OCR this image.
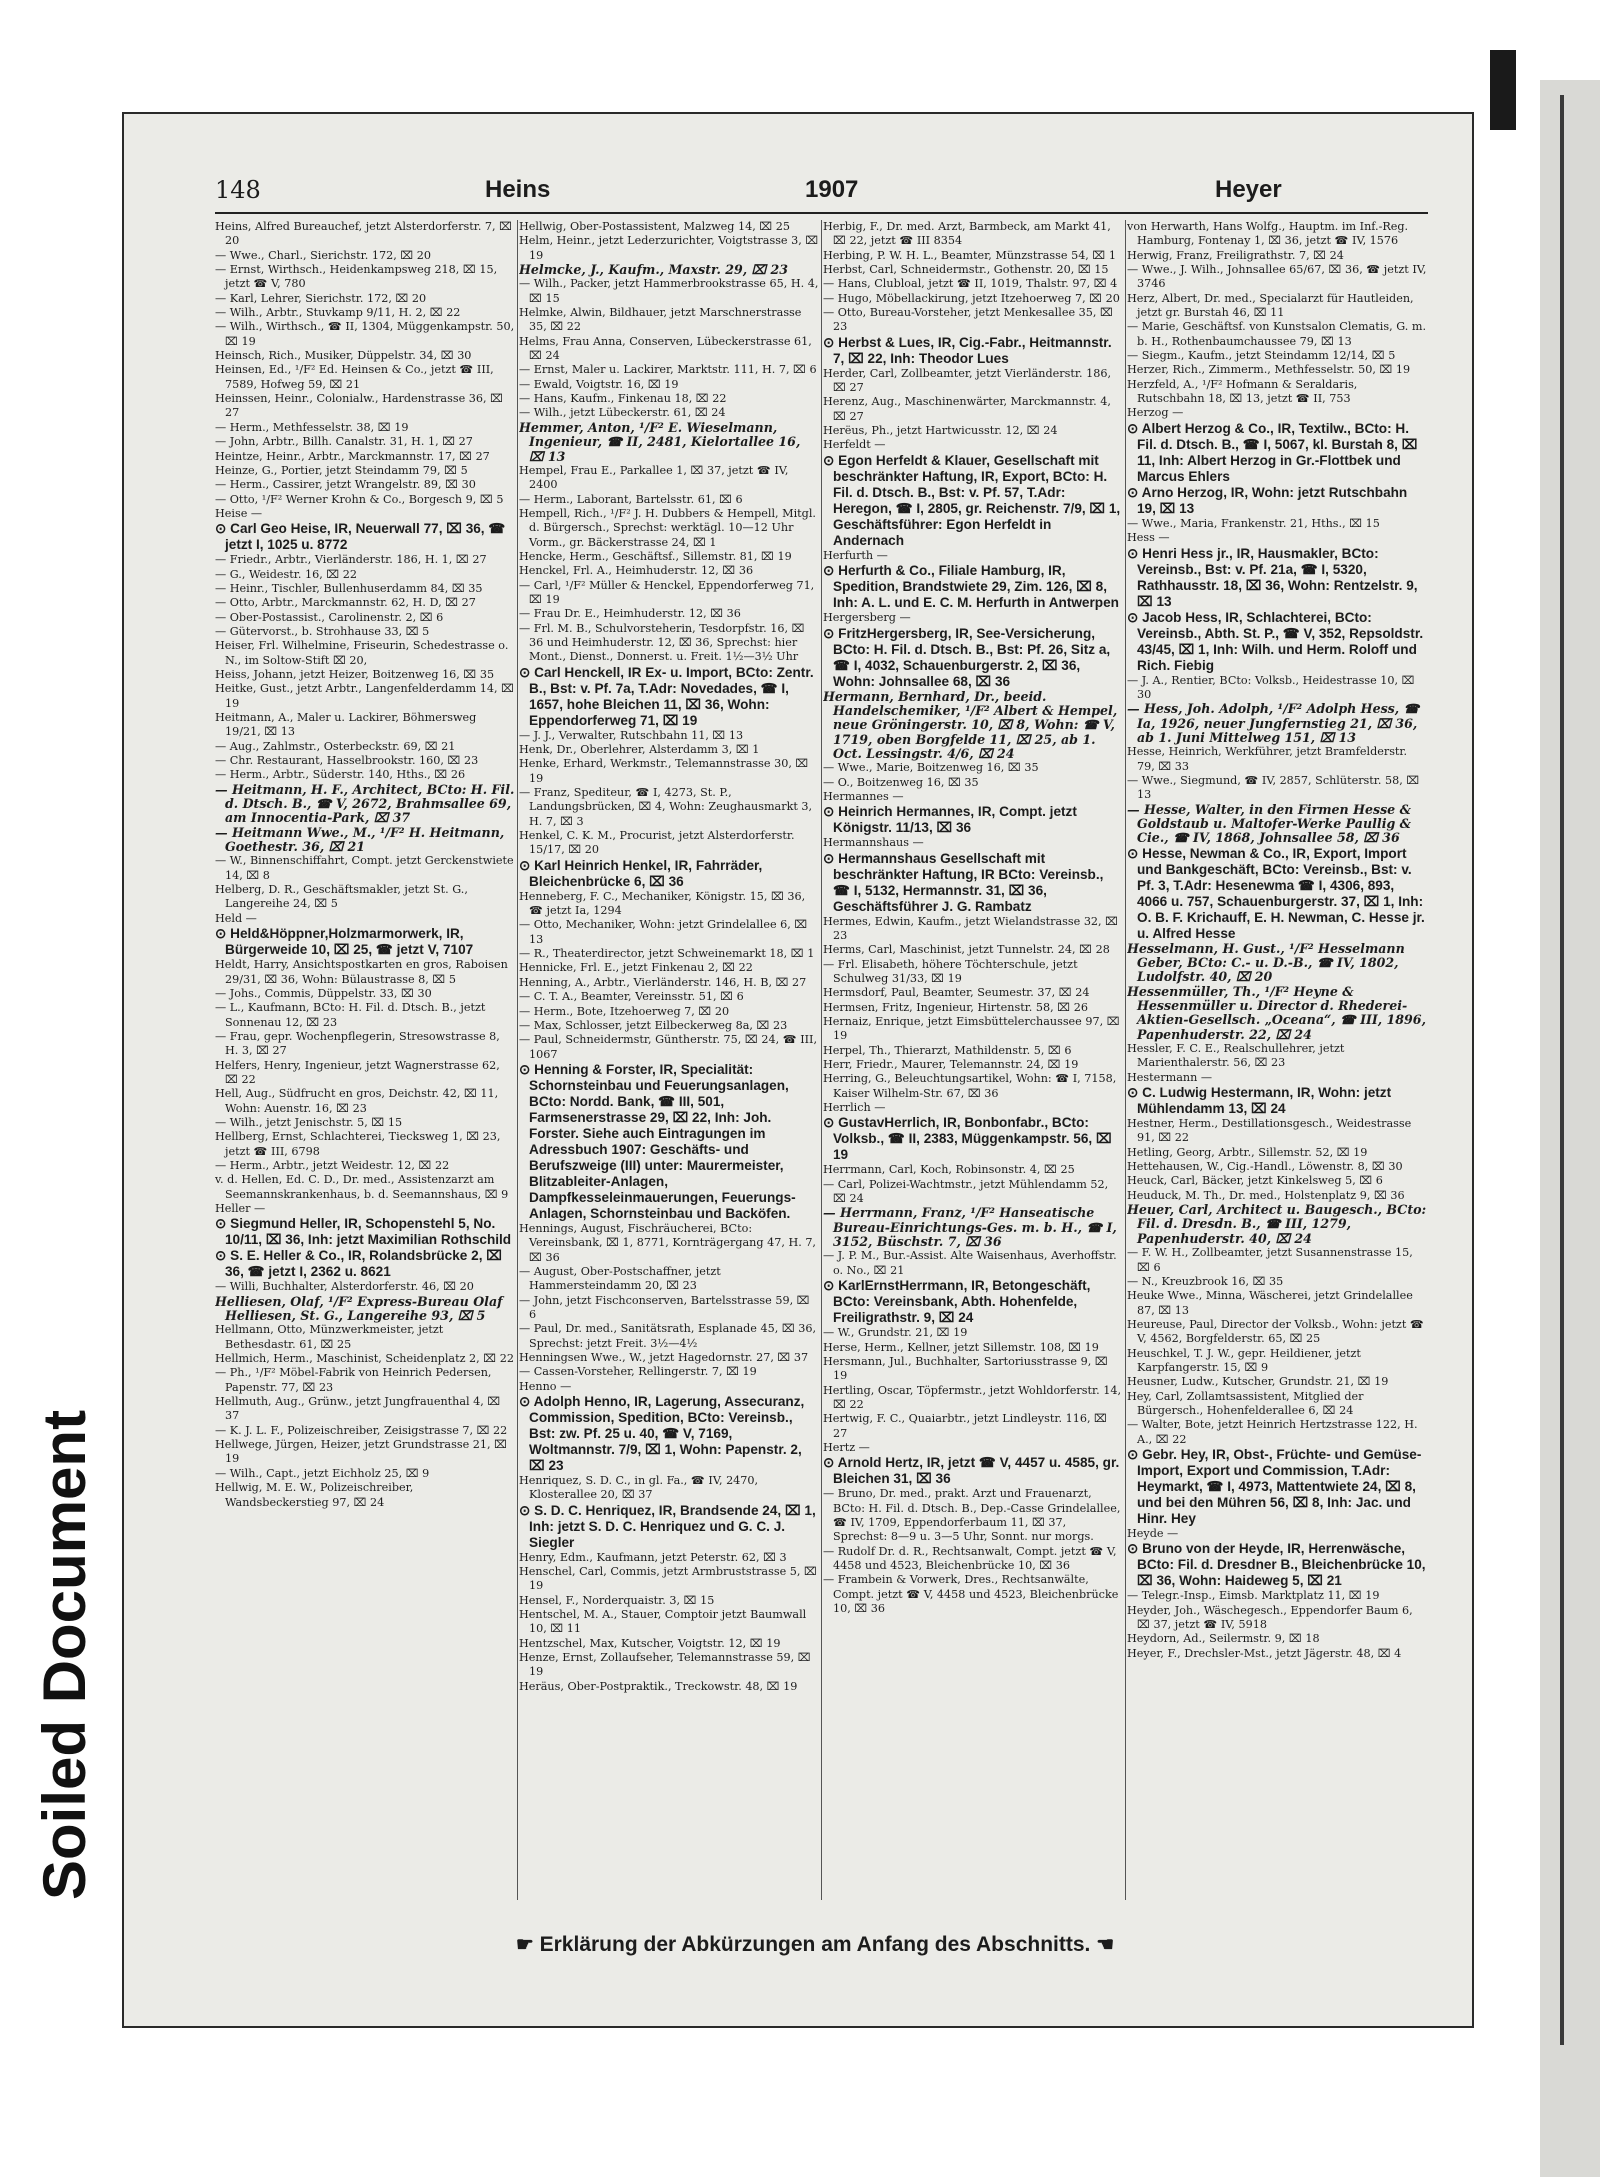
Soiled Document
148	Heins	1907	Heyer
Heins, Alfred Bureauchef, jetzt Alsterdorferstr. 7, ⌧ 20
— Wwe., Charl., Sierichstr. 172, ⌧ 20
— Ernst, Wirthsch., Heidenkampsweg 218, ⌧ 15, jetzt ☎ V, 780
— Karl, Lehrer, Sierichstr. 172, ⌧ 20
— Wilh., Arbtr., Stuvkamp 9/11, H. 2, ⌧ 22
— Wilh., Wirthsch., ☎ II, 1304, Müggenkampstr. 50, ⌧ 19
Heinsch, Rich., Musiker, Düppelstr. 34, ⌧ 30
Heinsen, Ed., ¹/F² Ed. Heinsen & Co., jetzt ☎ III, 7589, Hofweg 59, ⌧ 21
Heinssen, Heinr., Colonialw., Hardenstrasse 36, ⌧ 27
— Herm., Methfesselstr. 38, ⌧ 19
— John, Arbtr., Billh. Canalstr. 31, H. 1, ⌧ 27
Heintze, Heinr., Arbtr., Marckmannstr. 17, ⌧ 27
Heinze, G., Portier, jetzt Steindamm 79, ⌧ 5
— Herm., Cassirer, jetzt Wrangelstr. 89, ⌧ 30
— Otto, ¹/F² Werner Krohn & Co., Borgesch 9, ⌧ 5
Heise —
⊙ Carl Geo Heise, IR, Neuerwall 77, ⌧ 36, ☎ jetzt I, 1025 u. 8772
— Friedr., Arbtr., Vierländerstr. 186, H. 1, ⌧ 27
— G., Weidestr. 16, ⌧ 22
— Heinr., Tischler, Bullenhuserdamm 84, ⌧ 35
— Otto, Arbtr., Marckmannstr. 62, H. D, ⌧ 27
— Ober-Postassist., Carolinenstr. 2, ⌧ 6
— Gütervorst., b. Strohhause 33, ⌧ 5
Heiser, Frl. Wilhelmine, Friseurin, Schedestrasse o. N., im Soltow-Stift ⌧ 20,
Heiss, Johann, jetzt Heizer, Boitzenweg 16, ⌧ 35
Heitke, Gust., jetzt Arbtr., Langenfelderdamm 14, ⌧ 19
Heitmann, A., Maler u. Lackirer, Böhmersweg 19/21, ⌧ 13
— Aug., Zahlmstr., Osterbeckstr. 69, ⌧ 21
— Chr. Restaurant, Hasselbrookstr. 160, ⌧ 23
— Herm., Arbtr., Süderstr. 140, Hths., ⌧ 26
— Heitmann, H. F., Architect, BCto: H. Fil. d. Dtsch. B., ☎ V, 2672, Brahmsallee 69, am Innocentia-Park, ⌧ 37
— Heitmann Wwe., M., ¹/F² H. Heitmann, Goethestr. 36, ⌧ 21
— W., Binnenschiffahrt, Compt. jetzt Gerckenstwiete 14, ⌧ 8
Helberg, D. R., Geschäftsmakler, jetzt St. G., Langereihe 24, ⌧ 5
Held —
⊙ Held&Höppner,Holzmarmorwerk, IR, Bürgerweide 10, ⌧ 25, ☎ jetzt V, 7107
Heldt, Harry, Ansichtspostkarten en gros, Raboisen 29/31, ⌧ 36, Wohn: Bülaustrasse 8, ⌧ 5
— Johs., Commis, Düppelstr. 33, ⌧ 30
— L., Kaufmann, BCto: H. Fil. d. Dtsch. B., jetzt Sonnenau 12, ⌧ 23
— Frau, gepr. Wochenpflegerin, Stresowstrasse 8, H. 3, ⌧ 27
Helfers, Henry, Ingenieur, jetzt Wagnerstrasse 62, ⌧ 22
Hell, Aug., Südfrucht en gros, Deichstr. 42, ⌧ 11, Wohn: Auenstr. 16, ⌧ 23
— Wilh., jetzt Jenischstr. 5, ⌧ 15
Hellberg, Ernst, Schlachterei, Tiecksweg 1, ⌧ 23, jetzt ☎ III, 6798
— Herm., Arbtr., jetzt Weidestr. 12, ⌧ 22
v. d. Hellen, Ed. C. D., Dr. med., Assistenzarzt am Seemannskrankenhaus, b. d. Seemannshaus, ⌧ 9
Heller —
⊙ Siegmund Heller, IR, Schopenstehl 5, No. 10/11, ⌧ 36, Inh: jetzt Maximilian Rothschild
⊙ S. E. Heller & Co., IR, Rolandsbrücke 2, ⌧ 36, ☎ jetzt I, 2362 u. 8621
— Willi, Buchhalter, Alsterdorferstr. 46, ⌧ 20
Helliesen, Olaf, ¹/F² Express-Bureau Olaf Helliesen, St. G., Langereihe 93, ⌧ 5
Hellmann, Otto, Münzwerkmeister, jetzt Bethesdastr. 61, ⌧ 25
Hellmich, Herm., Maschinist, Scheidenplatz 2, ⌧ 22
— Ph., ¹/F² Möbel-Fabrik von Heinrich Pedersen, Papenstr. 77, ⌧ 23
Hellmuth, Aug., Grünw., jetzt Jungfrauenthal 4, ⌧ 37
— K. J. L. F., Polizeischreiber, Zeisigstrasse 7, ⌧ 22
Hellwege, Jürgen, Heizer, jetzt Grundstrasse 21, ⌧ 19
— Wilh., Capt., jetzt Eichholz 25, ⌧ 9
Hellwig, M. E. W., Polizeischreiber, Wandsbeckerstieg 97, ⌧ 24
Hellwig, Ober-Postassistent, Malzweg 14, ⌧ 25
Helm, Heinr., jetzt Lederzurichter, Voigtstrasse 3, ⌧ 19
Helmcke, J., Kaufm., Maxstr. 29, ⌧ 23
— Wilh., Packer, jetzt Hammerbrookstrasse 65, H. 4, ⌧ 15
Helmke, Alwin, Bildhauer, jetzt Marschnerstrasse 35, ⌧ 22
Helms, Frau Anna, Conserven, Lübeckerstrasse 61, ⌧ 24
— Ernst, Maler u. Lackirer, Marktstr. 111, H. 7, ⌧ 6
— Ewald, Voigtstr. 16, ⌧ 19
— Hans, Kaufm., Finkenau 18, ⌧ 22
— Wilh., jetzt Lübeckerstr. 61, ⌧ 24
Hemmer, Anton, ¹/F² E. Wieselmann, Ingenieur, ☎ II, 2481, Kielortallee 16, ⌧ 13
Hempel, Frau E., Parkallee 1, ⌧ 37, jetzt ☎ IV, 2400
— Herm., Laborant, Bartelsstr. 61, ⌧ 6
Hempell, Rich., ¹/F² J. H. Dubbers & Hempell, Mitgl. d. Bürgersch., Sprechst: werktägl. 10—12 Uhr Vorm., gr. Bäckerstrasse 24, ⌧ 1
Hencke, Herm., Geschäftsf., Sillemstr. 81, ⌧ 19
Henckel, Frl. A., Heimhuderstr. 12, ⌧ 36
— Carl, ¹/F² Müller & Henckel, Eppendorferweg 71, ⌧ 19
— Frau Dr. E., Heimhuderstr. 12, ⌧ 36
— Frl. M. B., Schulvorsteherin, Tesdorpfstr. 16, ⌧ 36 und Heimhuderstr. 12, ⌧ 36, Sprechst: hier Mont., Dienst., Donnerst. u. Freit. 1½—3½ Uhr
⊙ Carl Henckell, IR Ex- u. Import, BCto: Zentr. B., Bst: v. Pf. 7a, T.Adr: Novedades, ☎ I, 1657, hohe Bleichen 11, ⌧ 36, Wohn: Eppendorferweg 71, ⌧ 19
— J. J., Verwalter, Rutschbahn 11, ⌧ 13
Henk, Dr., Oberlehrer, Alsterdamm 3, ⌧ 1
Henke, Erhard, Werkmstr., Telemannstrasse 30, ⌧ 19
— Franz, Spediteur, ☎ I, 4273, St. P., Landungsbrücken, ⌧ 4, Wohn: Zeughausmarkt 3, H. 7, ⌧ 3
Henkel, C. K. M., Procurist, jetzt Alsterdorferstr. 15/17, ⌧ 20
⊙ Karl Heinrich Henkel, IR, Fahrräder, Bleichenbrücke 6, ⌧ 36
Henneberg, F. C., Mechaniker, Königstr. 15, ⌧ 36, ☎ jetzt Ia, 1294
— Otto, Mechaniker, Wohn: jetzt Grindelallee 6, ⌧ 13
— R., Theaterdirector, jetzt Schweinemarkt 18, ⌧ 1
Hennicke, Frl. E., jetzt Finkenau 2, ⌧ 22
Henning, A., Arbtr., Vierländerstr. 146, H. B, ⌧ 27
— C. T. A., Beamter, Vereinsstr. 51, ⌧ 6
— Herm., Bote, Itzehoerweg 7, ⌧ 20
— Max, Schlosser, jetzt Eilbeckerweg 8a, ⌧ 23
— Paul, Schneidermstr, Güntherstr. 75, ⌧ 24, ☎ III, 1067
⊙ Henning & Forster, IR, Specialität: Schornsteinbau und Feuerungsanlagen, BCto: Nordd. Bank, ☎ III, 501, Farmsenerstrasse 29, ⌧ 22, Inh: Joh. Forster. Siehe auch Eintragungen im Adressbuch 1907: Geschäfts- und Berufszweige (III) unter: Maurermeister, Blitzableiter-Anlagen, Dampfkesseleinmauerungen, Feuerungs-Anlagen, Schornsteinbau und Backöfen.
Hennings, August, Fischräucherei, BCto: Vereinsbank, ⌧ 1, 8771, Kornträgergang 47, H. 7, ⌧ 36
— August, Ober-Postschaffner, jetzt Hammersteindamm 20, ⌧ 23
— John, jetzt Fischconserven, Bartelsstrasse 59, ⌧ 6
— Paul, Dr. med., Sanitätsrath, Esplanade 45, ⌧ 36, Sprechst: jetzt Freit. 3½—4½
Henningsen Wwe., W., jetzt Hagedornstr. 27, ⌧ 37
— Cassen-Vorsteher, Rellingerstr. 7, ⌧ 19
Henno —
⊙ Adolph Henno, IR, Lagerung, Assecuranz, Commission, Spedition, BCto: Vereinsb., Bst: zw. Pf. 25 u. 40, ☎ V, 7169, Woltmannstr. 7/9, ⌧ 1, Wohn: Papenstr. 2, ⌧ 23
Henriquez, S. D. C., in gl. Fa., ☎ IV, 2470, Klosterallee 20, ⌧ 37
⊙ S. D. C. Henriquez, IR, Brandsende 24, ⌧ 1, Inh: jetzt S. D. C. Henriquez und G. C. J. Siegler
Henry, Edm., Kaufmann, jetzt Peterstr. 62, ⌧ 3
Henschel, Carl, Commis, jetzt Armbruststrasse 5, ⌧ 19
Hensel, F., Norderquaistr. 3, ⌧ 15
Hentschel, M. A., Stauer, Comptoir jetzt Baumwall 10, ⌧ 11
Hentzschel, Max, Kutscher, Voigtstr. 12, ⌧ 19
Henze, Ernst, Zollaufseher, Telemannstrasse 59, ⌧ 19
Heräus, Ober-Postpraktik., Treckowstr. 48, ⌧ 19
Herbig, F., Dr. med. Arzt, Barmbeck, am Markt 41, ⌧ 22, jetzt ☎ III 8354
Herbing, P. W. H. L., Beamter, Münzstrasse 54, ⌧ 1
Herbst, Carl, Schneidermstr., Gothenstr. 20, ⌧ 15
— Hans, Clubloal, jetzt ☎ II, 1019, Thalstr. 97, ⌧ 4
— Hugo, Möbellackirung, jetzt Itzehoerweg 7, ⌧ 20
— Otto, Bureau-Vorsteher, jetzt Menkesallee 35, ⌧ 23
⊙ Herbst & Lues, IR, Cig.-Fabr., Heitmannstr. 7, ⌧ 22, Inh: Theodor Lues
Herder, Carl, Zollbeamter, jetzt Vierländerstr. 186, ⌧ 27
Herenz, Aug., Maschinenwärter, Marckmannstr. 4, ⌧ 27
Herëus, Ph., jetzt Hartwicusstr. 12, ⌧ 24
Herfeldt —
⊙ Egon Herfeldt & Klauer, Gesellschaft mit beschränkter Haftung, IR, Export, BCto: H. Fil. d. Dtsch. B., Bst: v. Pf. 57, T.Adr: Heregon, ☎ I, 2805, gr. Reichenstr. 7/9, ⌧ 1, Geschäftsführer: Egon Herfeldt in Andernach
Herfurth —
⊙ Herfurth & Co., Filiale Hamburg, IR, Spedition, Brandstwiete 29, Zim. 126, ⌧ 8, Inh: A. L. und E. C. M. Herfurth in Antwerpen
Hergersberg —
⊙ FritzHergersberg, IR, See-Versicherung, BCto: H. Fil. d. Dtsch. B., Bst: Pf. 26, Sitz a, ☎ I, 4032, Schauenburgerstr. 2, ⌧ 36, Wohn: Johnsallee 68, ⌧ 36
Hermann, Bernhard, Dr., beeid. Handelschemiker, ¹/F² Albert & Hempel, neue Gröningerstr. 10, ⌧ 8, Wohn: ☎ V, 1719, oben Borgfelde 11, ⌧ 25, ab 1. Oct. Lessingstr. 4/6, ⌧ 24
— Wwe., Marie, Boitzenweg 16, ⌧ 35
— O., Boitzenweg 16, ⌧ 35
Hermannes —
⊙ Heinrich Hermannes, IR, Compt. jetzt Königstr. 11/13, ⌧ 36
Hermannshaus —
⊙ Hermannshaus Gesellschaft mit beschränkter Haftung, IR BCto: Vereinsb., ☎ I, 5132, Hermannstr. 31, ⌧ 36, Geschäftsführer J. G. Rambatz
Hermes, Edwin, Kaufm., jetzt Wielandstrasse 32, ⌧ 23
Herms, Carl, Maschinist, jetzt Tunnelstr. 24, ⌧ 28
— Frl. Elisabeth, höhere Töchterschule, jetzt Schulweg 31/33, ⌧ 19
Hermsdorf, Paul, Beamter, Seumestr. 37, ⌧ 24
Hermsen, Fritz, Ingenieur, Hirtenstr. 58, ⌧ 26
Hernaiz, Enrique, jetzt Eimsbüttelerchaussee 97, ⌧ 19
Herpel, Th., Thierarzt, Mathildenstr. 5, ⌧ 6
Herr, Friedr., Maurer, Telemannstr. 24, ⌧ 19
Herring, G., Beleuchtungsartikel, Wohn: ☎ I, 7158, Kaiser Wilhelm-Str. 67, ⌧ 36
Herrlich —
⊙ GustavHerrlich, IR, Bonbonfabr., BCto: Volksb., ☎ II, 2383, Müggenkampstr. 56, ⌧ 19
Herrmann, Carl, Koch, Robinsonstr. 4, ⌧ 25
— Carl, Polizei-Wachtmstr., jetzt Mühlendamm 52, ⌧ 24
— Herrmann, Franz, ¹/F² Hanseatische Bureau-Einrichtungs-Ges. m. b. H., ☎ I, 3152, Büschstr. 7, ⌧ 36
— J. P. M., Bur.-Assist. Alte Waisenhaus, Averhoffstr. o. No., ⌧ 21
⊙ KarlErnstHerrmann, IR, Betongeschäft, BCto: Vereinsbank, Abth. Hohenfelde, Freiligrathstr. 9, ⌧ 24
— W., Grundstr. 21, ⌧ 19
Herse, Herm., Kellner, jetzt Sillemstr. 108, ⌧ 19
Hersmann, Jul., Buchhalter, Sartoriusstrasse 9, ⌧ 19
Hertling, Oscar, Töpfermstr., jetzt Wohldorferstr. 14, ⌧ 22
Hertwig, F. C., Quaiarbtr., jetzt Lindleystr. 116, ⌧ 27
Hertz —
⊙ Arnold Hertz, IR, jetzt ☎ V, 4457 u. 4585, gr. Bleichen 31, ⌧ 36
— Bruno, Dr. med., prakt. Arzt und Frauenarzt, BCto: H. Fil. d. Dtsch. B., Dep.-Casse Grindelallee, ☎ IV, 1709, Eppendorferbaum 11, ⌧ 37, Sprechst: 8—9 u. 3—5 Uhr, Sonnt. nur morgs.
— Rudolf Dr. d. R., Rechtsanwalt, Compt. jetzt ☎ V, 4458 und 4523, Bleichenbrücke 10, ⌧ 36
— Frambein & Vorwerk, Dres., Rechtsanwälte, Compt. jetzt ☎ V, 4458 und 4523, Bleichenbrücke 10, ⌧ 36
von Herwarth, Hans Wolfg., Hauptm. im Inf.-Reg. Hamburg, Fontenay 1, ⌧ 36, jetzt ☎ IV, 1576
Herwig, Franz, Freiligrathstr. 7, ⌧ 24
— Wwe., J. Wilh., Johnsallee 65/67, ⌧ 36, ☎ jetzt IV, 3746
Herz, Albert, Dr. med., Specialarzt für Hautleiden, jetzt gr. Burstah 46, ⌧ 11
— Marie, Geschäftsf. von Kunstsalon Clematis, G. m. b. H., Rothenbaumchaussee 79, ⌧ 13
— Siegm., Kaufm., jetzt Steindamm 12/14, ⌧ 5
Herzer, Rich., Zimmerm., Methfesselstr. 50, ⌧ 19
Herzfeld, A., ¹/F² Hofmann & Seraldaris, Rutschbahn 18, ⌧ 13, jetzt ☎ II, 753
Herzog —
⊙ Albert Herzog & Co., IR, Textilw., BCto: H. Fil. d. Dtsch. B., ☎ I, 5067, kl. Burstah 8, ⌧ 11, Inh: Albert Herzog in Gr.-Flottbek und Marcus Ehlers
⊙ Arno Herzog, IR, Wohn: jetzt Rutschbahn 19, ⌧ 13
— Wwe., Maria, Frankenstr. 21, Hths., ⌧ 15
Hess —
⊙ Henri Hess jr., IR, Hausmakler, BCto: Vereinsb., Bst: v. Pf. 21a, ☎ I, 5320, Rathhausstr. 18, ⌧ 36, Wohn: Rentzelstr. 9, ⌧ 13
⊙ Jacob Hess, IR, Schlachterei, BCto: Vereinsb., Abth. St. P., ☎ V, 352, Repsoldstr. 43/45, ⌧ 1, Inh: Wilh. und Herm. Roloff und Rich. Fiebig
— J. A., Rentier, BCto: Volksb., Heidestrasse 10, ⌧ 30
— Hess, Joh. Adolph, ¹/F² Adolph Hess, ☎ Ia, 1926, neuer Jungfernstieg 21, ⌧ 36, ab 1. Juni Mittelweg 151, ⌧ 13
Hesse, Heinrich, Werkführer, jetzt Bramfelderstr. 79, ⌧ 33
— Wwe., Siegmund, ☎ IV, 2857, Schlüterstr. 58, ⌧ 13
— Hesse, Walter, in den Firmen Hesse & Goldstaub u. Maltofer-Werke Paullig & Cie., ☎ IV, 1868, Johnsallee 58, ⌧ 36
⊙ Hesse, Newman & Co., IR, Export, Import und Bankgeschäft, BCto: Vereinsb., Bst: v. Pf. 3, T.Adr: Hesenewma ☎ I, 4306, 893, 4066 u. 757, Schauenburgerstr. 37, ⌧ 1, Inh: O. B. F. Krichauff, E. H. Newman, C. Hesse jr. u. Alfred Hesse
Hesselmann, H. Gust., ¹/F² Hesselmann Geber, BCto: C.- u. D.-B., ☎ IV, 1802, Ludolfstr. 40, ⌧ 20
Hessenmüller, Th., ¹/F² Heyne & Hessenmüller u. Director d. Rhederei-Aktien-Gesellsch. „Oceana“, ☎ III, 1896, Papenhuderstr. 22, ⌧ 24
Hessler, F. C. E., Realschullehrer, jetzt Marienthalerstr. 56, ⌧ 23
Hestermann —
⊙ C. Ludwig Hestermann, IR, Wohn: jetzt Mühlendamm 13, ⌧ 24
Hestner, Herm., Destillationsgesch., Weidestrasse 91, ⌧ 22
Hetling, Georg, Arbtr., Sillemstr. 52, ⌧ 19
Hettehausen, W., Cig.-Handl., Löwenstr. 8, ⌧ 30
Heuck, Carl, Bäcker, jetzt Kinkelsweg 5, ⌧ 6
Heuduck, M. Th., Dr. med., Holstenplatz 9, ⌧ 36
Heuer, Carl, Architect u. Baugesch., BCto: Fil. d. Dresdn. B., ☎ III, 1279, Papenhuderstr. 40, ⌧ 24
— F. W. H., Zollbeamter, jetzt Susannenstrasse 15, ⌧ 6
— N., Kreuzbrook 16, ⌧ 35
Heuke Wwe., Minna, Wäscherei, jetzt Grindelallee 87, ⌧ 13
Heureuse, Paul, Director der Volksb., Wohn: jetzt ☎ V, 4562, Borgfelderstr. 65, ⌧ 25
Heuschkel, T. J. W., gepr. Heildiener, jetzt Karpfangerstr. 15, ⌧ 9
Heusner, Ludw., Kutscher, Grundstr. 21, ⌧ 19
Hey, Carl, Zollamtsassistent, Mitglied der Bürgersch., Hohenfelderallee 6, ⌧ 24
— Walter, Bote, jetzt Heinrich Hertzstrasse 122, H. A., ⌧ 22
⊙ Gebr. Hey, IR, Obst-, Früchte- und Gemüse-Import, Export und Commission, T.Adr: Heymarkt, ☎ I, 4973, Mattentwiete 24, ⌧ 8, und bei den Mühren 56, ⌧ 8, Inh: Jac. und Hinr. Hey
Heyde —
⊙ Bruno von der Heyde, IR, Herrenwäsche, BCto: Fil. d. Dresdner B., Bleichenbrücke 10, ⌧ 36, Wohn: Haideweg 5, ⌧ 21
— Telegr.-Insp., Eimsb. Marktplatz 11, ⌧ 19
Heyder, Joh., Wäschegesch., Eppendorfer Baum 6, ⌧ 37, jetzt ☎ IV, 5918
Heydorn, Ad., Seilermstr. 9, ⌧ 18
Heyer, F., Drechsler-Mst., jetzt Jägerstr. 48, ⌧ 4
☛ Erklärung der Abkürzungen am Anfang des Abschnitts. ☚
